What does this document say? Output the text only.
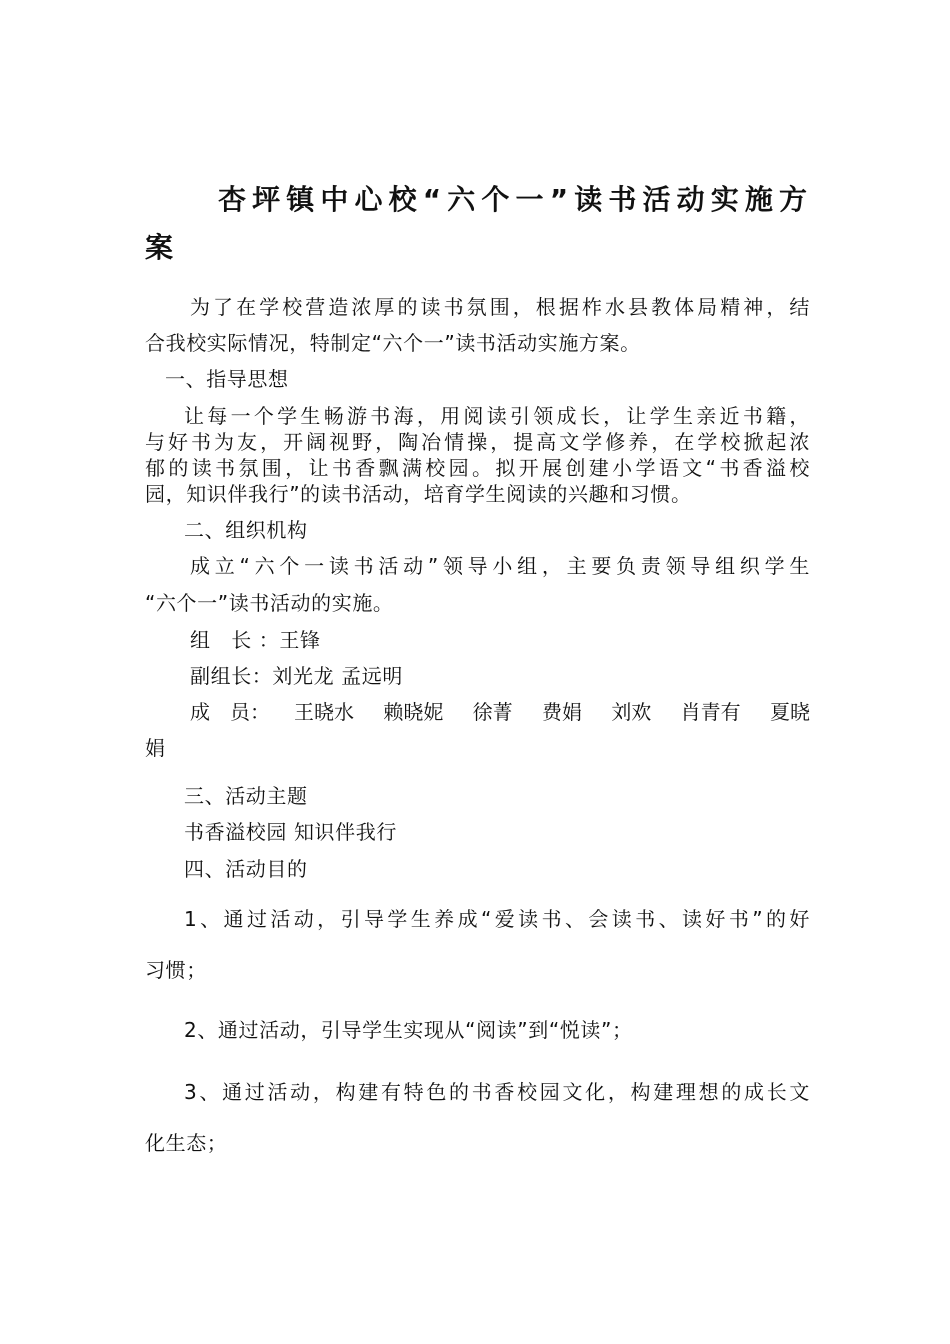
杏坪镇中心校“六个一”读书活动实施方
案
为了在学校营造浓厚的读书氛围，根据柞水县教体局精神，结
合我校实际情况，特制定“六个一”读书活动实施方案。
一、指导思想
让每一个学生畅游书海，用阅读引领成长，让学生亲近书籍，
与好书为友，开阔视野，陶冶情操，提高文学修养，在学校掀起浓
郁的读书氛围，让书香飘满校园。拟开展创建小学语文“书香溢校
园，知识伴我行”的读书活动，培育学生阅读的兴趣和习惯。
二、组织机构
成立“六个一读书活动”领导小组，主要负责领导组织学生
“六个一”读书活动的实施。
组　长 ：王锋
副组长：刘光龙 孟远明
成　员： 王晓水 赖晓妮 徐菁 费娟 刘欢 肖青有 夏晓
娟
三、活动主题
书香溢校园 知识伴我行
四、活动目的
1、通过活动，引导学生养成“爱读书、会读书、读好书”的好
习惯；
2、通过活动，引导学生实现从“阅读”到“悦读”；
3、通过活动，构建有特色的书香校园文化，构建理想的成长文
化生态；
